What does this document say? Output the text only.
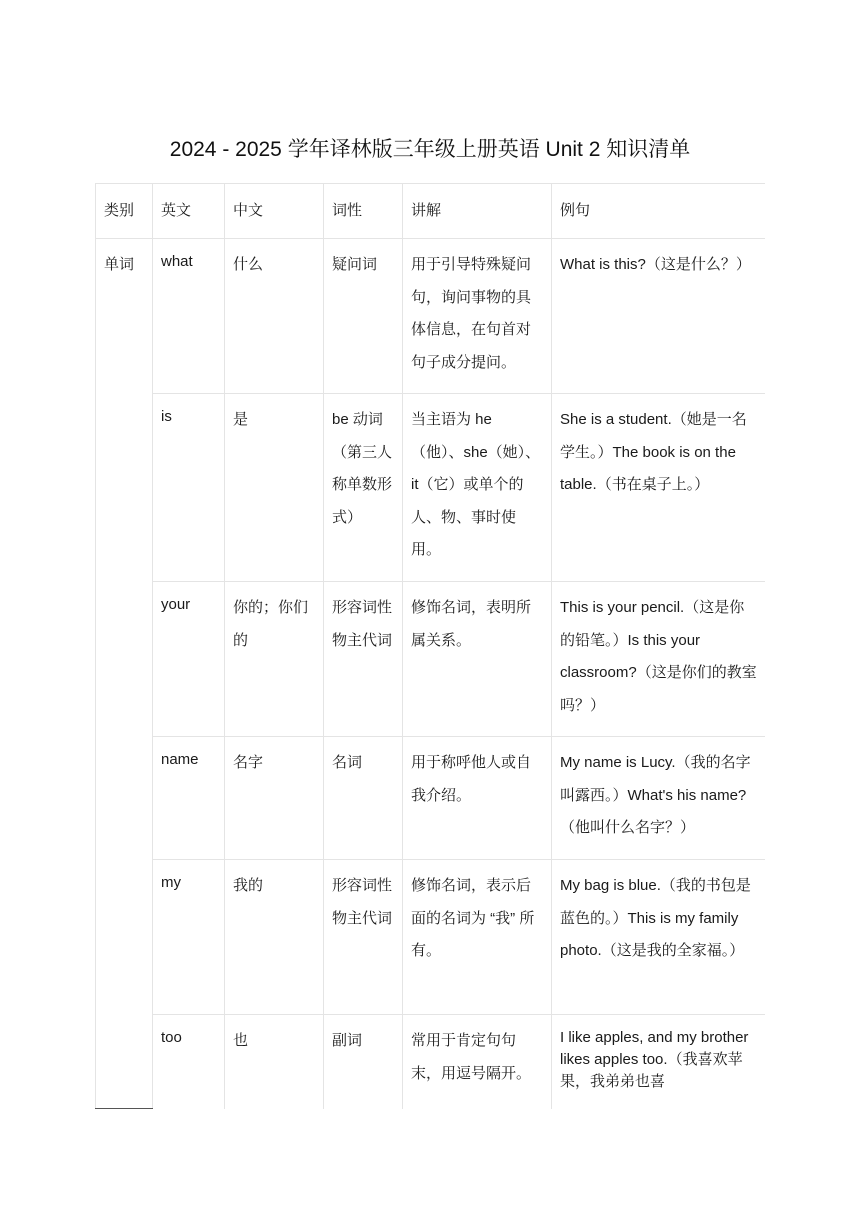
2024 - 2025 学年译林版三年级上册英语 Unit 2 知识清单
类别	英文	中文	词性	讲解	例句
单词	what	什么	疑问词	用于引导特殊疑问句，询问事物的具体信息，在句首对句子成分提问。	What is this?（这是什么？）
	is	是	be 动词（第三人称单数形式）	当主语为 he（他）、she（她）、it（它）或单个的人、物、事时使用。	She is a student.（她是一名学生。）The book is on the table.（书在桌子上。）
	your	你的；你们的	形容词性物主代词	修饰名词，表明所属关系。	This is your pencil.（这是你的铅笔。）Is this your classroom?（这是你们的教室吗？）
	name	名字	名词	用于称呼他人或自我介绍。	My name is Lucy.（我的名字叫露西。）What's his name?（他叫什么名字？）
	my	我的	形容词性物主代词	修饰名词，表示后面的名词为 “我” 所有。	My bag is blue.（我的书包是蓝色的。）This is my family photo.（这是我的全家福。）
	too	也	副词	常用于肯定句句末，用逗号隔开。	I like apples, and my brother likes apples too.（我喜欢苹果，我弟弟也喜
